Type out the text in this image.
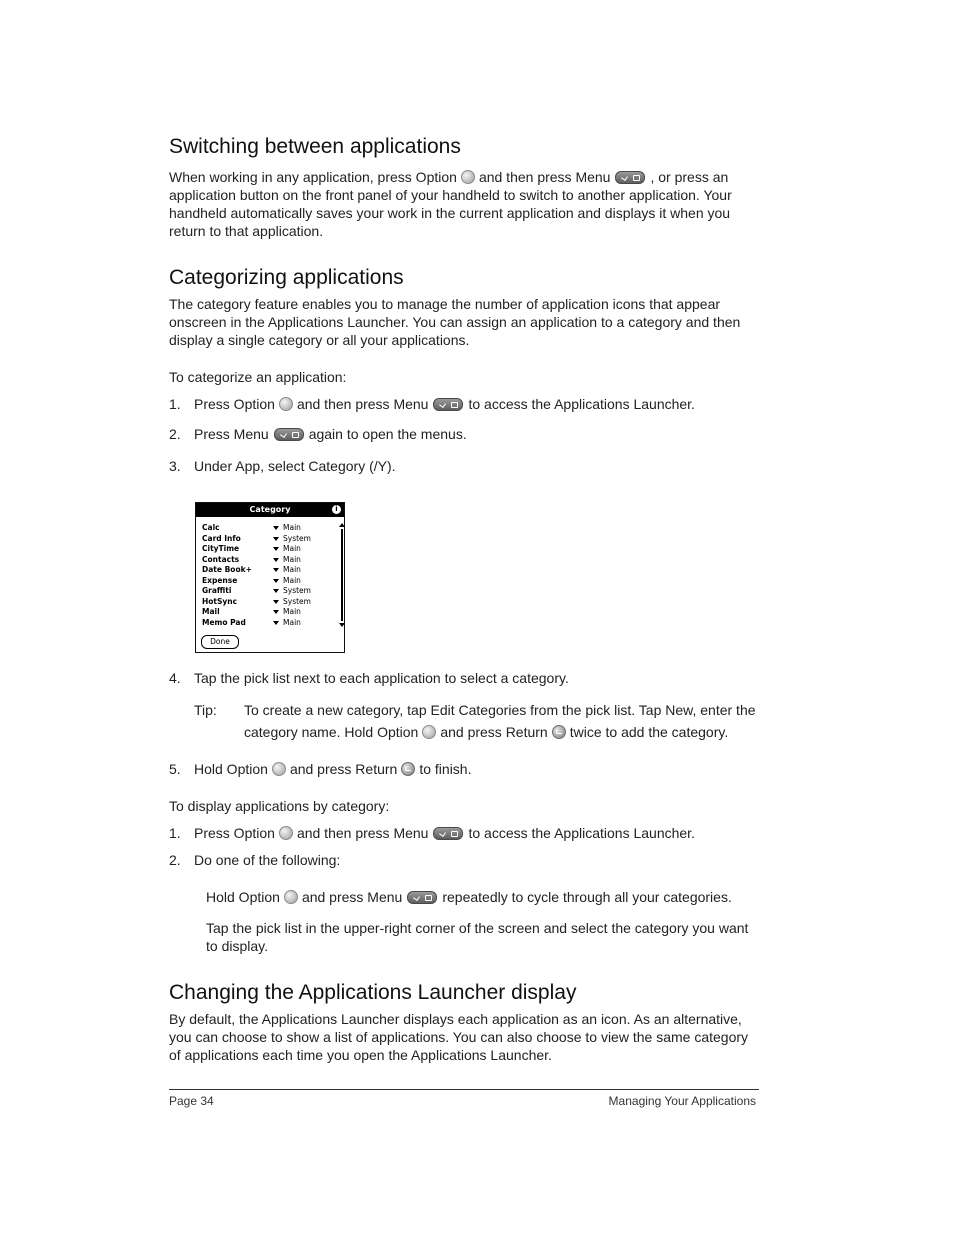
Switching between applications
When working in any application, press Option and then press Menu	, or press an application button on the front panel of your handheld to switch to another application. Your handheld automatically saves your work in the current application and displays it when you return to that application.
Categorizing applications
The category feature enables you to manage the number of application icons that appear onscreen in the Applications Launcher. You can assign an application to a category and then display a single category or all your applications.
To categorize an application:
1. Press Option and then press Menu	to access the Applications Launcher.
2. Press Menu	again to open the menus.
3. Under App, select Category (/Y).
Category	i
Calc	Main
Card Info	System
CityTime	Main
Contacts	Main
Date Book+	Main
Expense	Main
Graffiti	System
HotSync	System
Mail	Main
Memo Pad	Main
Done
4. Tap the pick list next to each application to select a category.
Tip: To create a new category, tap Edit Categories from the pick list. Tap New, enter the
category name. Hold Option and press Return twice to add the category.
5. Hold Option and press Return to finish.
To display applications by category:
1. Press Option and then press Menu	to access the Applications Launcher.
2. Do one of the following:
Hold Option and press Menu	repeatedly to cycle through all your categories.
Tap the pick list in the upper-right corner of the screen and select the category you want to display.
Changing the Applications Launcher display
By default, the Applications Launcher displays each application as an icon. As an alternative, you can choose to show a list of applications. You can also choose to view the same category of applications each time you open the Applications Launcher.
Page 34	Managing Your Applications
